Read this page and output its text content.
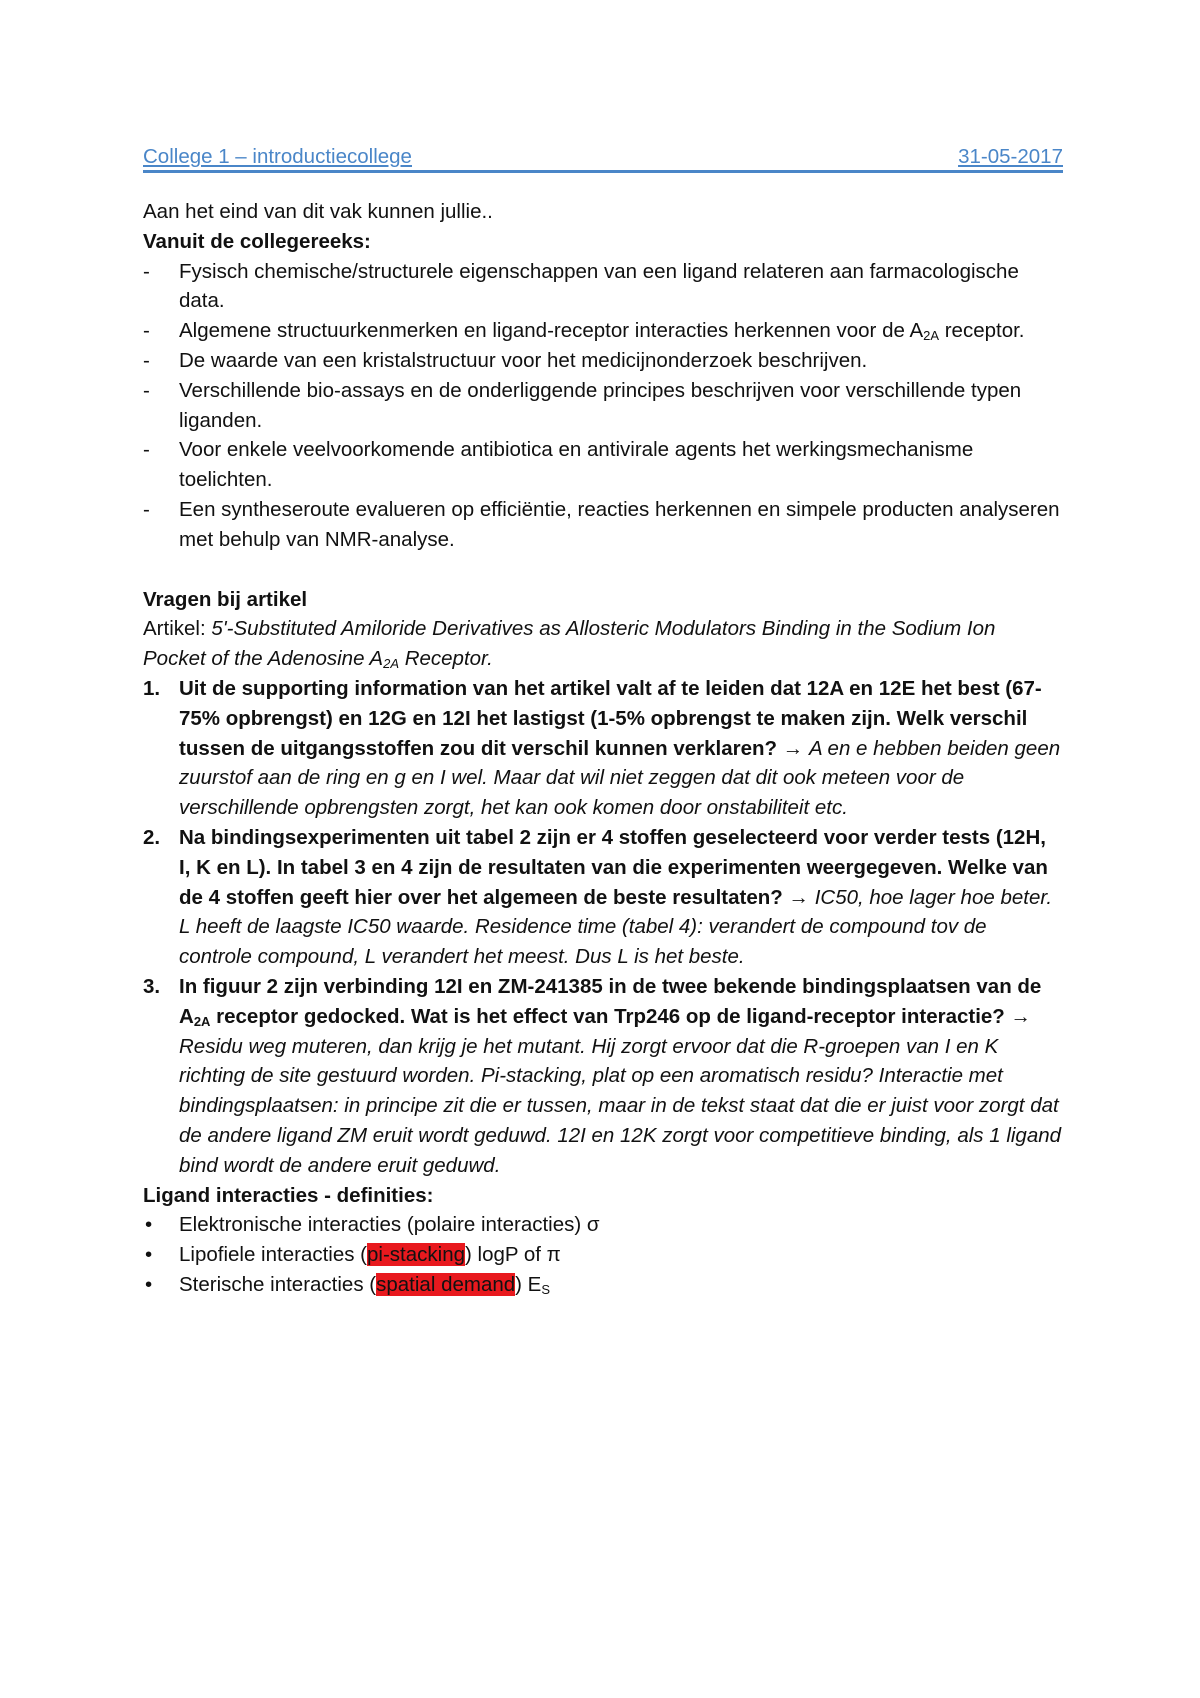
College 1 – introductiecollege	31-05-2017
Aan het eind van dit vak kunnen jullie..
Vanuit de collegereeks:
- Fysisch chemische/structurele eigenschappen van een ligand relateren aan farmacologische data.
- Algemene structuurkenmerken en ligand-receptor interacties herkennen voor de $A_{2A}$ receptor.
- De waarde van een kristalstructuur voor het medicijnonderzoek beschrijven.
- Verschillende bio-assays en de onderliggende principes beschrijven voor verschillende typen liganden.
- Voor enkele veelvoorkomende antibiotica en antivirale agents het werkingsmechanisme toelichten.
- Een syntheseroute evalueren op efficiëntie, reacties herkennen en simpele producten analyseren met behulp van NMR-analyse.
Vragen bij artikel
Artikel: 5'-Substituted Amiloride Derivatives as Allosteric Modulators Binding in the Sodium Ion Pocket of the Adenosine $A_{2A}$ Receptor.
1. Uit de supporting information van het artikel valt af te leiden dat 12A en 12E het best (67-75% opbrengst) en 12G en 12I het lastigst (1-5% opbrengst te maken zijn. Welk verschil tussen de uitgangsstoffen zou dit verschil kunnen verklaren? → A en e hebben beiden geen zuurstof aan de ring en g en I wel. Maar dat wil niet zeggen dat dit ook meteen voor de verschillende opbrengsten zorgt, het kan ook komen door onstabiliteit etc.
2. Na bindingsexperimenten uit tabel 2 zijn er 4 stoffen geselecteerd voor verder tests (12H, I, K en L). In tabel 3 en 4 zijn de resultaten van die experimenten weergegeven. Welke van de 4 stoffen geeft hier over het algemeen de beste resultaten? → IC50, hoe lager hoe beter. L heeft de laagste IC50 waarde. Residence time (tabel 4): verandert de compound tov de controle compound, L verandert het meest. Dus L is het beste.
3. In figuur 2 zijn verbinding 12I en ZM-241385 in de twee bekende bindingsplaatsen van de $A_{2A}$ receptor gedocked. Wat is het effect van Trp246 op de ligand-receptor interactie? → Residu weg muteren, dan krijg je het mutant. Hij zorgt ervoor dat die R-groepen van I en K richting de site gestuurd worden. Pi-stacking, plat op een aromatisch residu? Interactie met bindingsplaatsen: in principe zit die er tussen, maar in de tekst staat dat die er juist voor zorgt dat de andere ligand ZM eruit wordt geduwd. 12I en 12K zorgt voor competitieve binding, als 1 ligand bind wordt de andere eruit geduwd.
Ligand interacties - definities:
• Elektronische interacties (polaire interacties) σ
• Lipofiele interacties (pi-stacking) logP of π
• Sterische interacties (spatial demand) $E_S$
